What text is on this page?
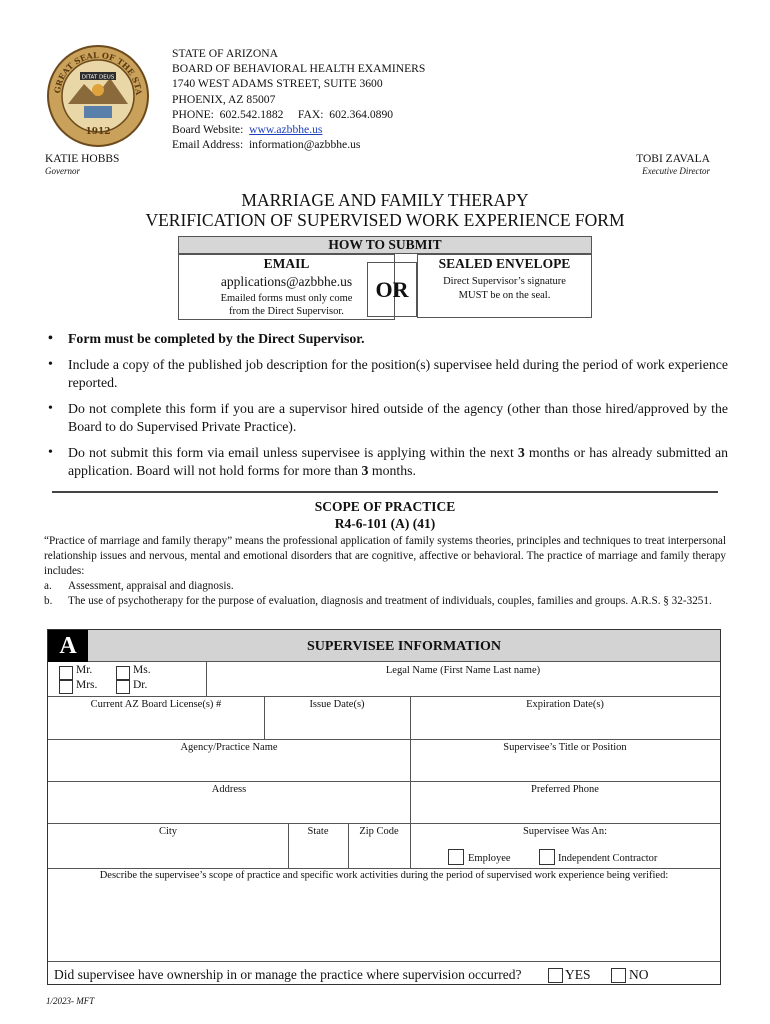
GREAT SEAL OF THE STA
DITAT DEUS
1912
STATE OF ARIZONA
BOARD OF BEHAVIORAL HEALTH EXAMINERS
1740 WEST ADAMS STREET, SUITE 3600
PHOENIX, AZ 85007
PHONE:  602.542.1882     FAX:  602.364.0890
Board Website:  www.azbbhe.us
Email Address:  information@azbbhe.us
KATIE HOBBS
Governor
TOBI ZAVALA
Executive Director
MARRIAGE AND FAMILY THERAPY
VERIFICATION OF SUPERVISED WORK EXPERIENCE FORM
HOW TO SUBMIT
EMAIL
applications@azbbhe.us
Emailed forms must only come
from the Direct Supervisor.
OR
SEALED ENVELOPE
Direct Supervisor’s signature
MUST be on the seal.
• Form must be completed by the Direct Supervisor.
• Include a copy of the published job description for the position(s) supervisee held during the period of work experience reported.
• Do not complete this form if you are a supervisor hired outside of the agency (other than those hired/approved by the Board to do Supervised Private Practice).
• Do not submit this form via email unless supervisee is applying within the next 3 months or has already submitted an application. Board will not hold forms for more than 3 months.
SCOPE OF PRACTICE
R4-6-101 (A) (41)
“Practice of marriage and family therapy” means the professional application of family systems theories, principles and techniques to treat interpersonal relationship issues and nervous, mental and emotional disorders that are cognitive, affective or behavioral. The practice of marriage and family therapy includes:
a. Assessment, appraisal and diagnosis.
b. The use of psychotherapy for the purpose of evaluation, diagnosis and treatment of individuals, couples, families and groups. A.R.S. § 32-3251.
A	SUPERVISEE INFORMATION
Mr.	Ms.
Mrs.	Dr.
Legal Name (First Name Last name)
Current AZ Board License(s) #	Issue Date(s)	Expiration Date(s)
Agency/Practice Name	Supervisee’s Title or Position
Address	Preferred Phone
City	State	Zip Code	Supervisee Was An:
Employee	Independent Contractor
Describe the supervisee’s scope of practice and specific work activities during the period of supervised work experience being verified:
Did supervisee have ownership in or manage the practice where supervision occurred?	YES	NO
1/2023- MFT
